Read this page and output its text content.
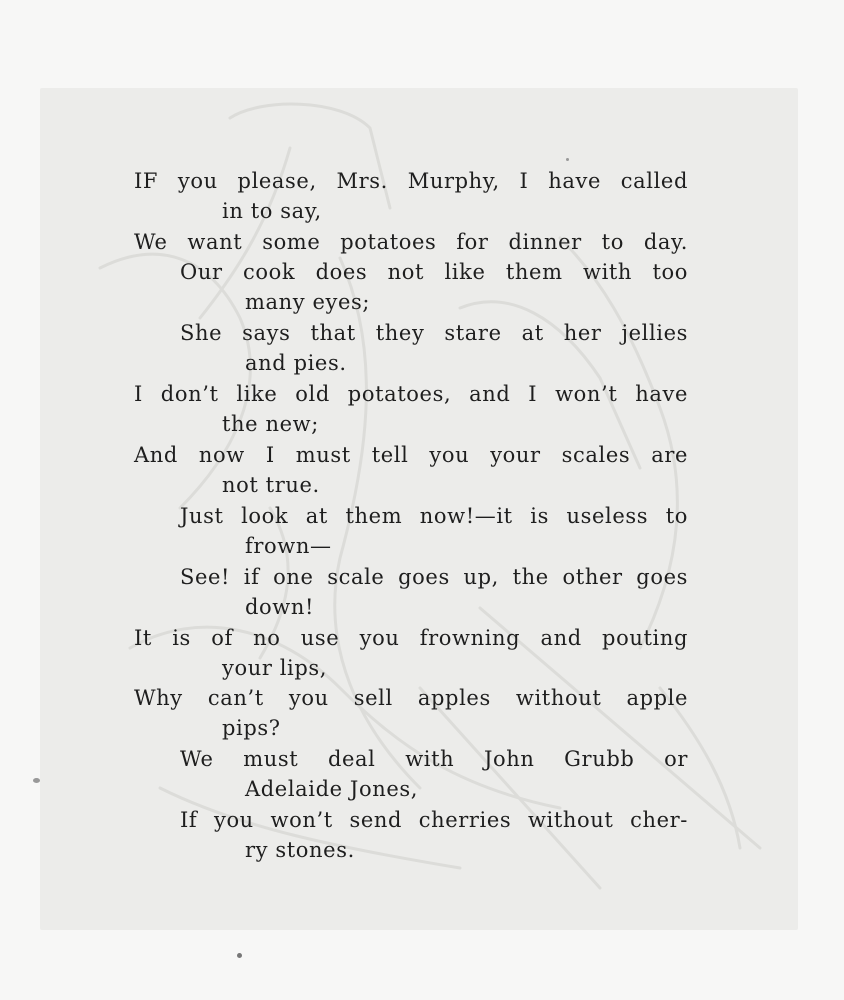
IF you please, Mrs. Murphy, I have called
in to say,
We want some potatoes for dinner to day.
Our cook does not like them with too
many eyes;
She says that they stare at her jellies
and pies.
I don’t like old potatoes, and I won’t have
the new;
And now I must tell you your scales are
not true.
Just look at them now!—it is useless to
frown—
See! if one scale goes up, the other goes
down!
It is of no use you frowning and pouting
your lips,
Why can’t you sell apples without apple
pips?
We must deal with John Grubb or
Adelaide Jones,
If you won’t send cherries without cher-
ry stones.
